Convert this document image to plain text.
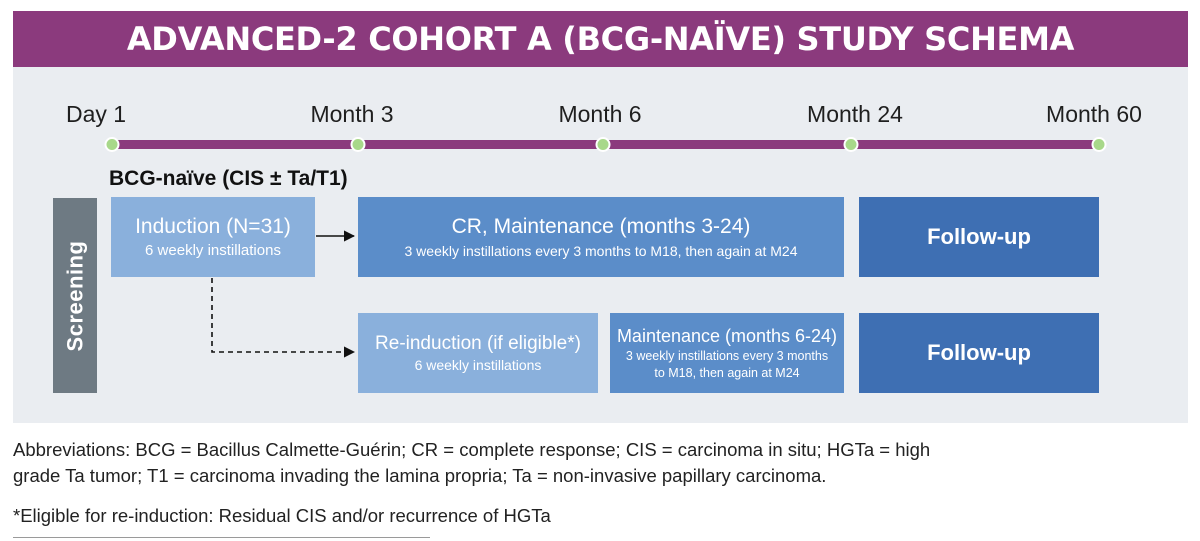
ADVANCED-2 COHORT A (BCG-NAÏVE) STUDY SCHEMA
Day 1	Month 3	Month 6	Month 24	Month 60
BCG-naïve (CIS ± Ta/T1)
Screening
Induction (N=31)
6 weekly instillations
CR, Maintenance (months 3-24)
3 weekly instillations every 3 months to M18, then again at M24
Follow-up
Re-induction (if eligible*)
6 weekly instillations
Maintenance (months 6-24)
3 weekly instillations every 3 months
to M18, then again at M24
Follow-up
Abbreviations: BCG = Bacillus Calmette-Guérin; CR = complete response; CIS = carcinoma in situ; HGTa = high
grade Ta tumor; T1 = carcinoma invading the lamina propria; Ta = non-invasive papillary carcinoma.
*Eligible for re-induction: Residual CIS and/or recurrence of HGTa
